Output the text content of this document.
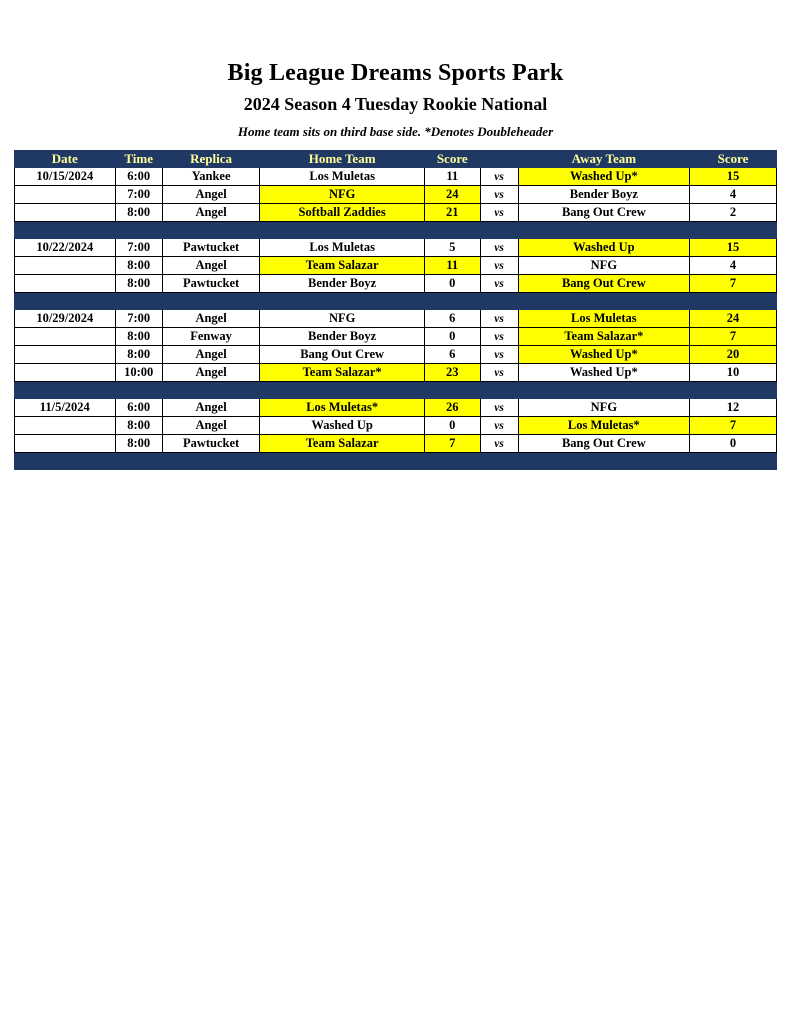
Big League Dreams Sports Park
2024 Season 4 Tuesday Rookie National
Home team sits on third base side. *Denotes Doubleheader
Date	Time	Replica	Home Team	Score		Away Team	Score
10/15/2024	6:00	Yankee	Los Muletas	11	vs	Washed Up*	15
	7:00	Angel	NFG	24	vs	Bender Boyz	4
	8:00	Angel	Softball Zaddies	21	vs	Bang Out Crew	2

10/22/2024	7:00	Pawtucket	Los Muletas	5	vs	Washed Up	15
	8:00	Angel	Team Salazar	11	vs	NFG	4
	8:00	Pawtucket	Bender Boyz	0	vs	Bang Out Crew	7

10/29/2024	7:00	Angel	NFG	6	vs	Los Muletas	24
	8:00	Fenway	Bender Boyz	0	vs	Team Salazar*	7
	8:00	Angel	Bang Out Crew	6	vs	Washed Up*	20
	10:00	Angel	Team Salazar*	23	vs	Washed Up*	10

11/5/2024	6:00	Angel	Los Muletas*	26	vs	NFG	12
	8:00	Angel	Washed Up	0	vs	Los Muletas*	7
	8:00	Pawtucket	Team Salazar	7	vs	Bang Out Crew	0
